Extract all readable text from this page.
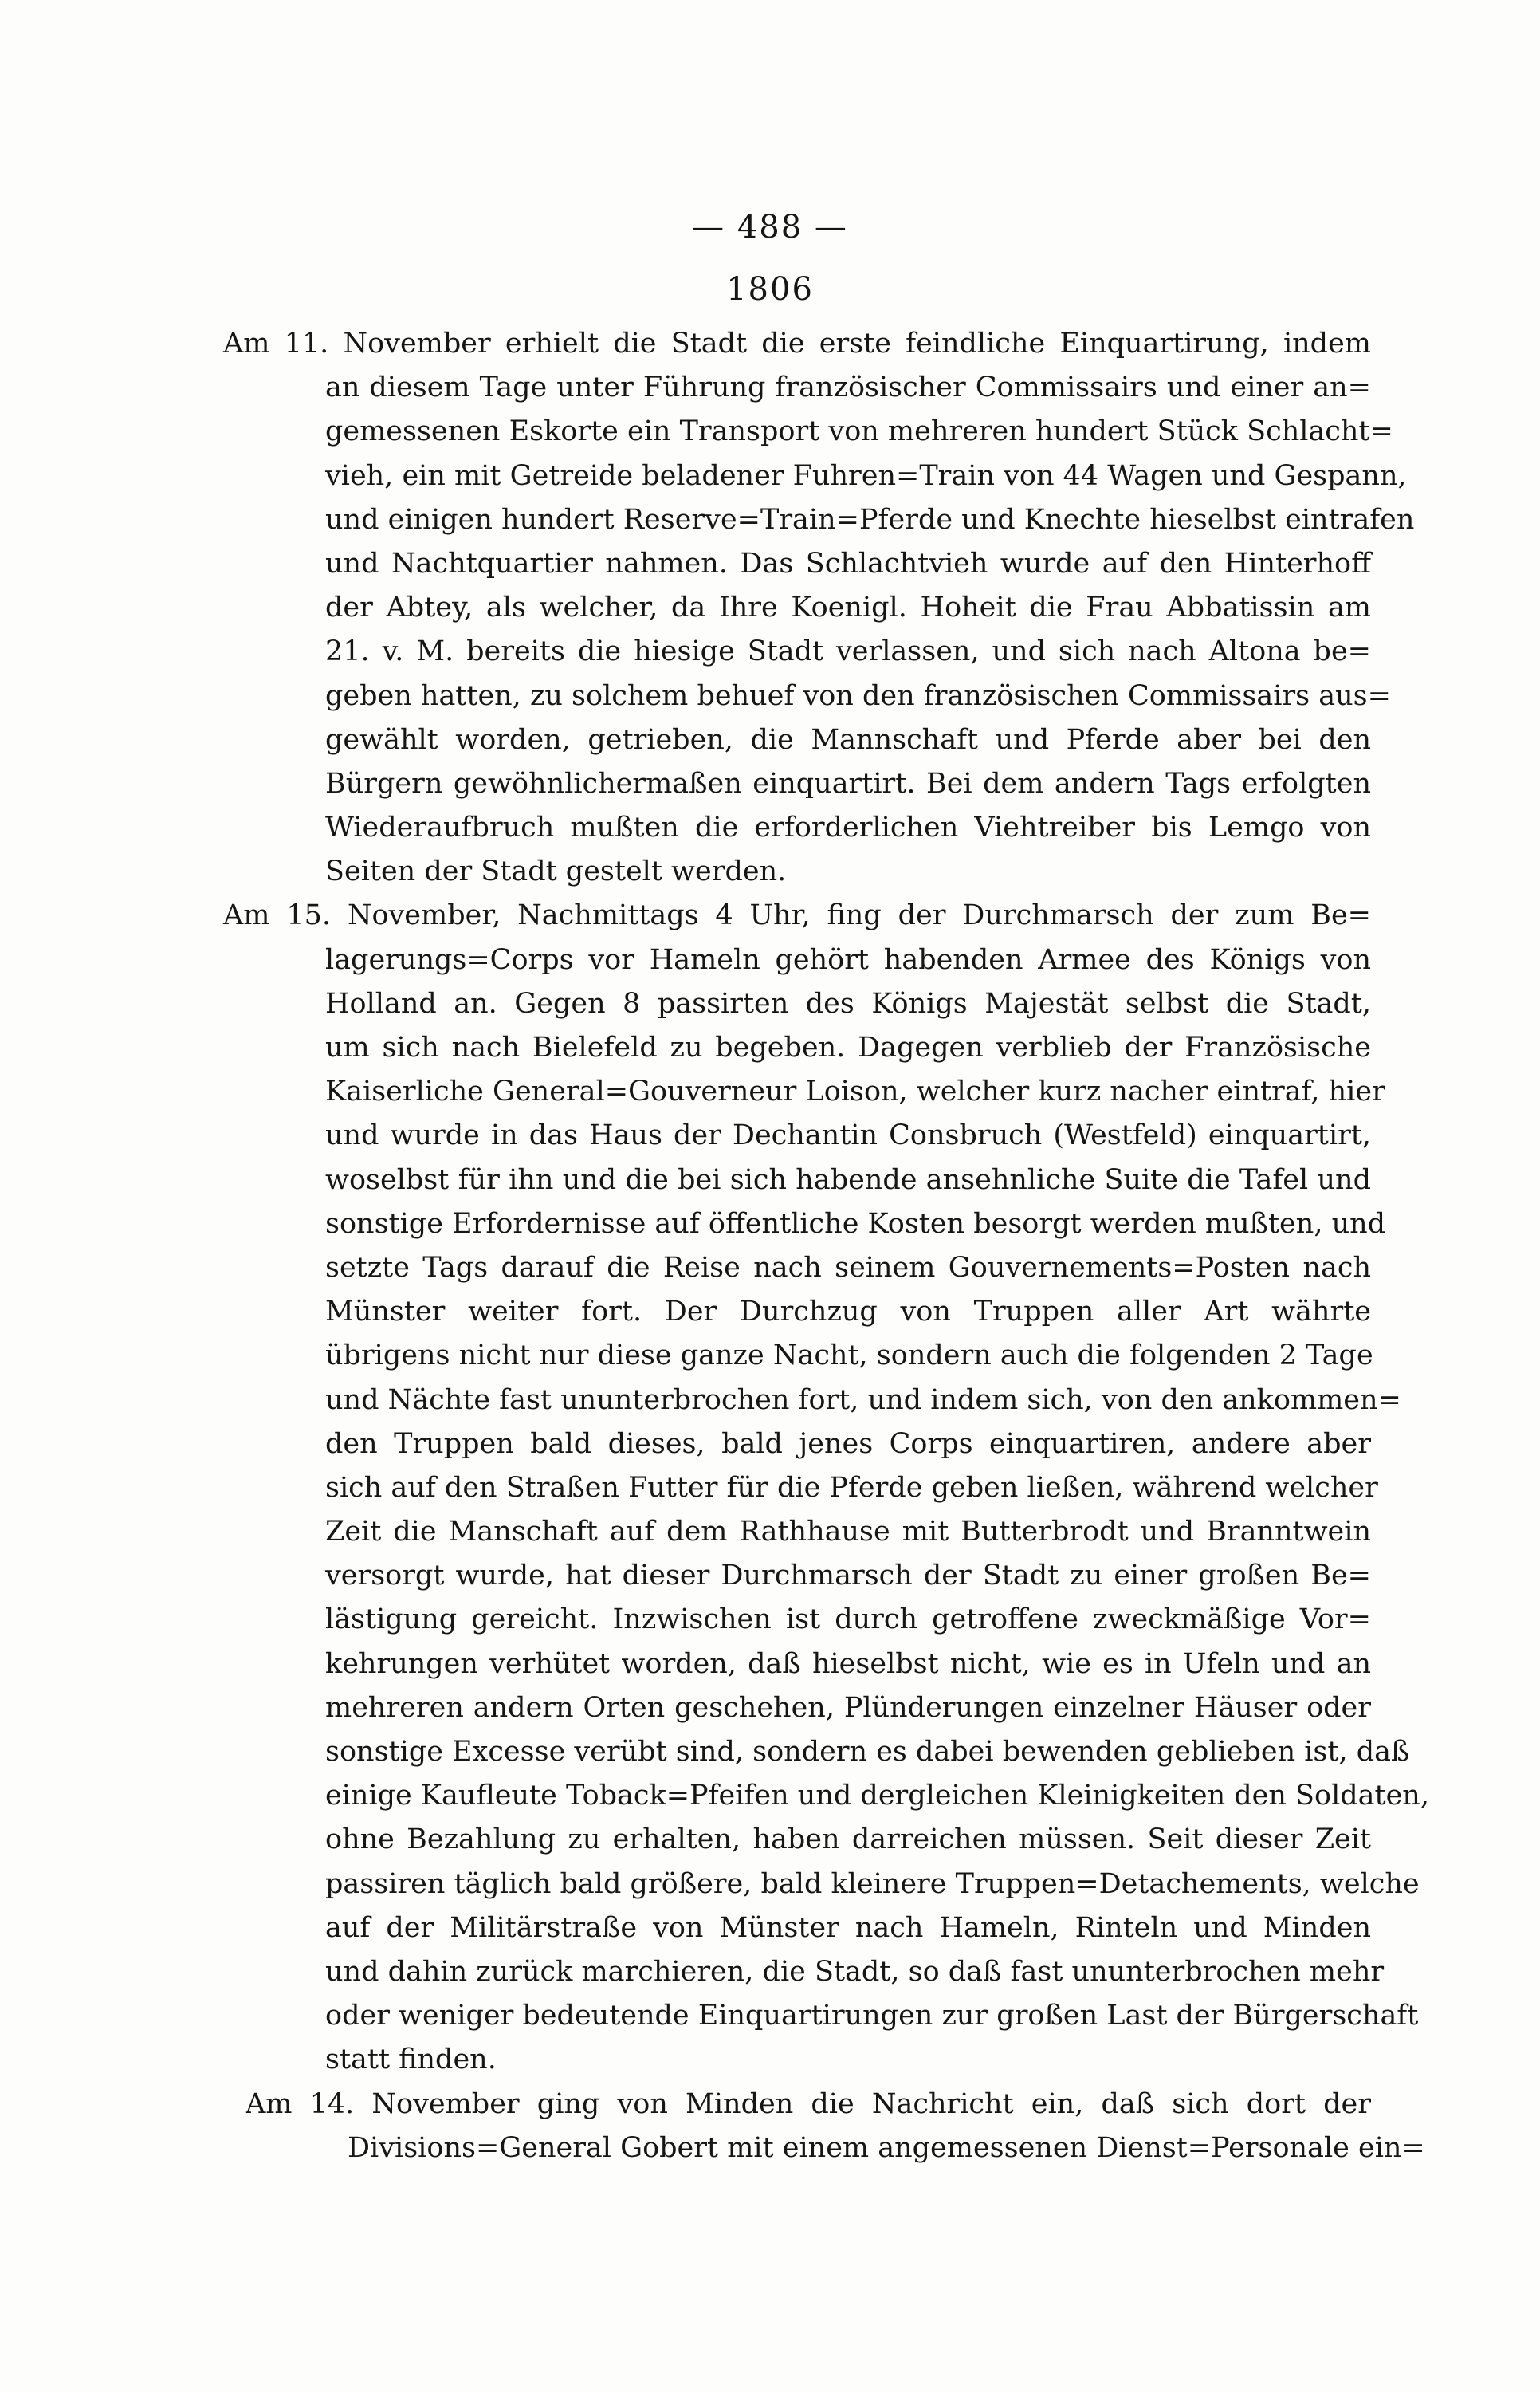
— 488 —
1806
Am 11. November erhielt die Stadt die erste feindliche Einquartirung, indem
an diesem Tage unter Führung französischer Commissairs und einer an=
gemessenen Eskorte ein Transport von mehreren hundert Stück Schlacht=
vieh, ein mit Getreide beladener Fuhren=Train von 44 Wagen und Gespann,
und einigen hundert Reserve=Train=Pferde und Knechte hieselbst eintrafen
und Nachtquartier nahmen. Das Schlachtvieh wurde auf den Hinterhoff
der Abtey, als welcher, da Ihre Koenigl. Hoheit die Frau Abbatissin am
21. v. M. bereits die hiesige Stadt verlassen, und sich nach Altona be=
geben hatten, zu solchem behuef von den französischen Commissairs aus=
gewählt worden, getrieben, die Mannschaft und Pferde aber bei den
Bürgern gewöhnlichermaßen einquartirt. Bei dem andern Tags erfolgten
Wiederaufbruch mußten die erforderlichen Viehtreiber bis Lemgo von
Seiten der Stadt gestelt werden.
Am 15. November, Nachmittags 4 Uhr, fing der Durchmarsch der zum Be=
lagerungs=Corps vor Hameln gehört habenden Armee des Königs von
Holland an. Gegen 8 passirten des Königs Majestät selbst die Stadt,
um sich nach Bielefeld zu begeben. Dagegen verblieb der Französische
Kaiserliche General=Gouverneur Loison, welcher kurz nacher eintraf, hier
und wurde in das Haus der Dechantin Consbruch (Westfeld) einquartirt,
woselbst für ihn und die bei sich habende ansehnliche Suite die Tafel und
sonstige Erfordernisse auf öffentliche Kosten besorgt werden mußten, und
setzte Tags darauf die Reise nach seinem Gouvernements=Posten nach
Münster weiter fort. Der Durchzug von Truppen aller Art währte
übrigens nicht nur diese ganze Nacht, sondern auch die folgenden 2 Tage
und Nächte fast ununterbrochen fort, und indem sich, von den ankommen=
den Truppen bald dieses, bald jenes Corps einquartiren, andere aber
sich auf den Straßen Futter für die Pferde geben ließen, während welcher
Zeit die Manschaft auf dem Rathhause mit Butterbrodt und Branntwein
versorgt wurde, hat dieser Durchmarsch der Stadt zu einer großen Be=
lästigung gereicht. Inzwischen ist durch getroffene zweckmäßige Vor=
kehrungen verhütet worden, daß hieselbst nicht, wie es in Ufeln und an
mehreren andern Orten geschehen, Plünderungen einzelner Häuser oder
sonstige Excesse verübt sind, sondern es dabei bewenden geblieben ist, daß
einige Kaufleute Toback=Pfeifen und dergleichen Kleinigkeiten den Soldaten,
ohne Bezahlung zu erhalten, haben darreichen müssen. Seit dieser Zeit
passiren täglich bald größere, bald kleinere Truppen=Detachements, welche
auf der Militärstraße von Münster nach Hameln, Rinteln und Minden
und dahin zurück marchieren, die Stadt, so daß fast ununterbrochen mehr
oder weniger bedeutende Einquartirungen zur großen Last der Bürgerschaft
statt finden.
Am 14. November ging von Minden die Nachricht ein, daß sich dort der
Divisions=General Gobert mit einem angemessenen Dienst=Personale ein=
